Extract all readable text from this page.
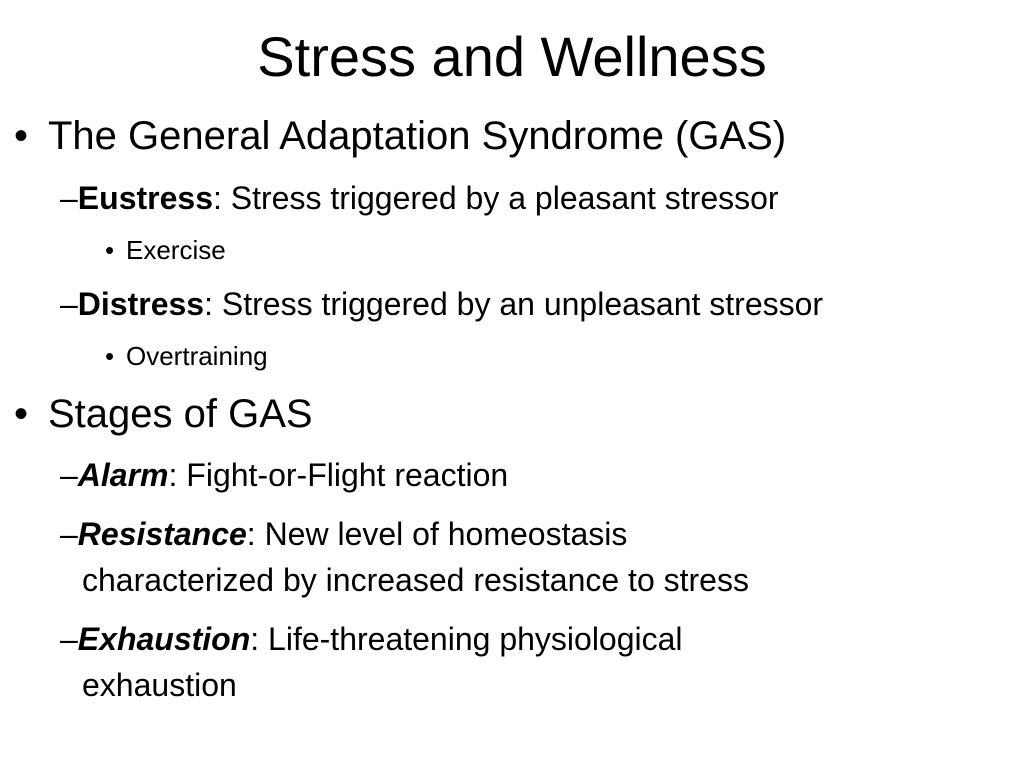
Stress and Wellness
• The General Adaptation Syndrome (GAS)
–Eustress: Stress triggered by a pleasant stressor
• Exercise
–Distress: Stress triggered by an unpleasant stressor
• Overtraining
• Stages of GAS
–Alarm: Fight-or-Flight reaction
–Resistance: New level of homeostasis
characterized by increased resistance to stress
–Exhaustion: Life-threatening physiological
exhaustion
